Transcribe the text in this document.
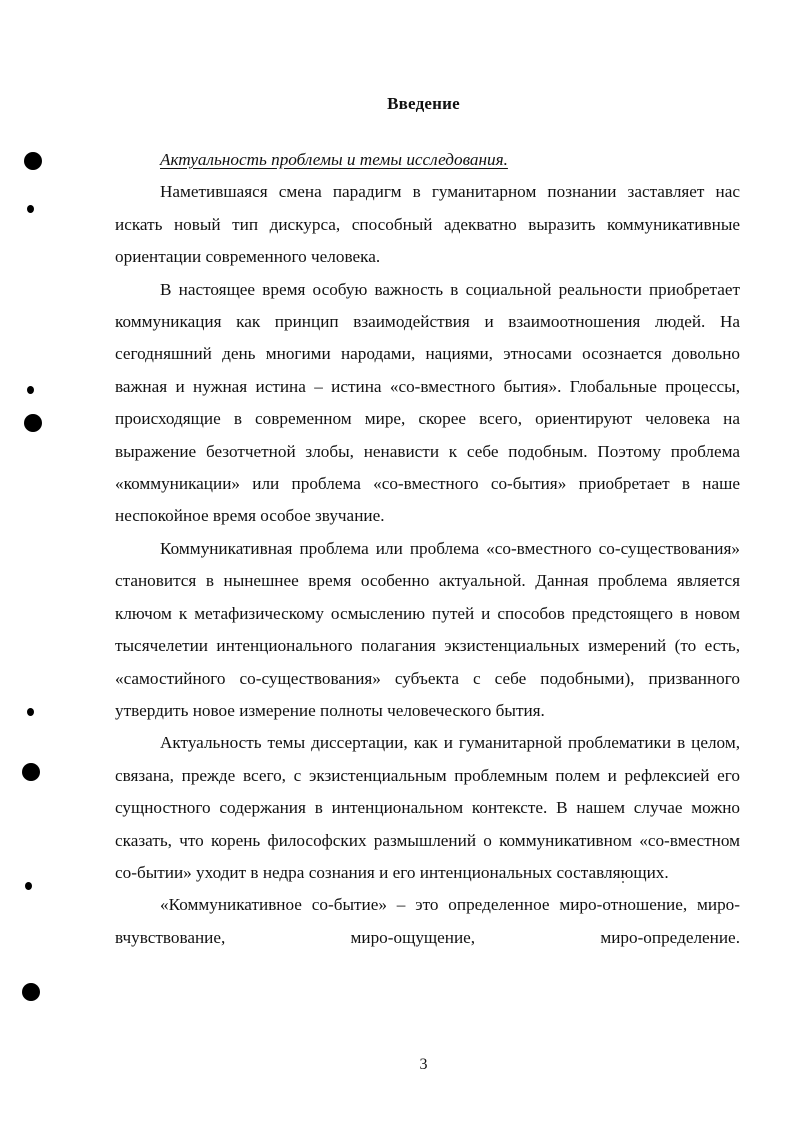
Введение

Актуальность проблемы и темы исследования.

Наметившаяся смена парадигм в гуманитарном познании заставляет нас искать новый тип дискурса, способный адекватно выразить коммуникативные ориентации современного человека.

В настоящее время особую важность в социальной реальности приобретает коммуникация как принцип взаимодействия и взаимоотношения людей. На сегодняшний день многими народами, нациями, этносами осознается довольно важная и нужная истина – истина «со-вместного бытия». Глобальные процессы, происходящие в современном мире, скорее всего, ориентируют человека на выражение безотчетной злобы, ненависти к себе подобным. Поэтому проблема «коммуникации» или проблема «со-вместного со-бытия» приобретает в наше неспокойное время особое звучание.

Коммуникативная проблема или проблема «со-вместного со-существования» становится в нынешнее время особенно актуальной. Данная проблема является ключом к метафизическому осмыслению путей и способов предстоящего в новом тысячелетии интенционального полагания экзистенциальных измерений (то есть, «самостийного со-существования» субъекта с себе подобными), призванного утвердить новое измерение полноты человеческого бытия.

Актуальность темы диссертации, как и гуманитарной проблематики в целом, связана, прежде всего, с экзистенциальным проблемным полем и рефлексией его сущностного содержания в интенциональном контексте. В нашем случае можно сказать, что корень философских размышлений о коммуникативном «со-вместном со-бытии» уходит в недра сознания и его интенциональных составляющих.

«Коммуникативное со-бытие» – это определенное миро-отношение, миро-вчувствование, миро-ощущение, миро-определение.

3
